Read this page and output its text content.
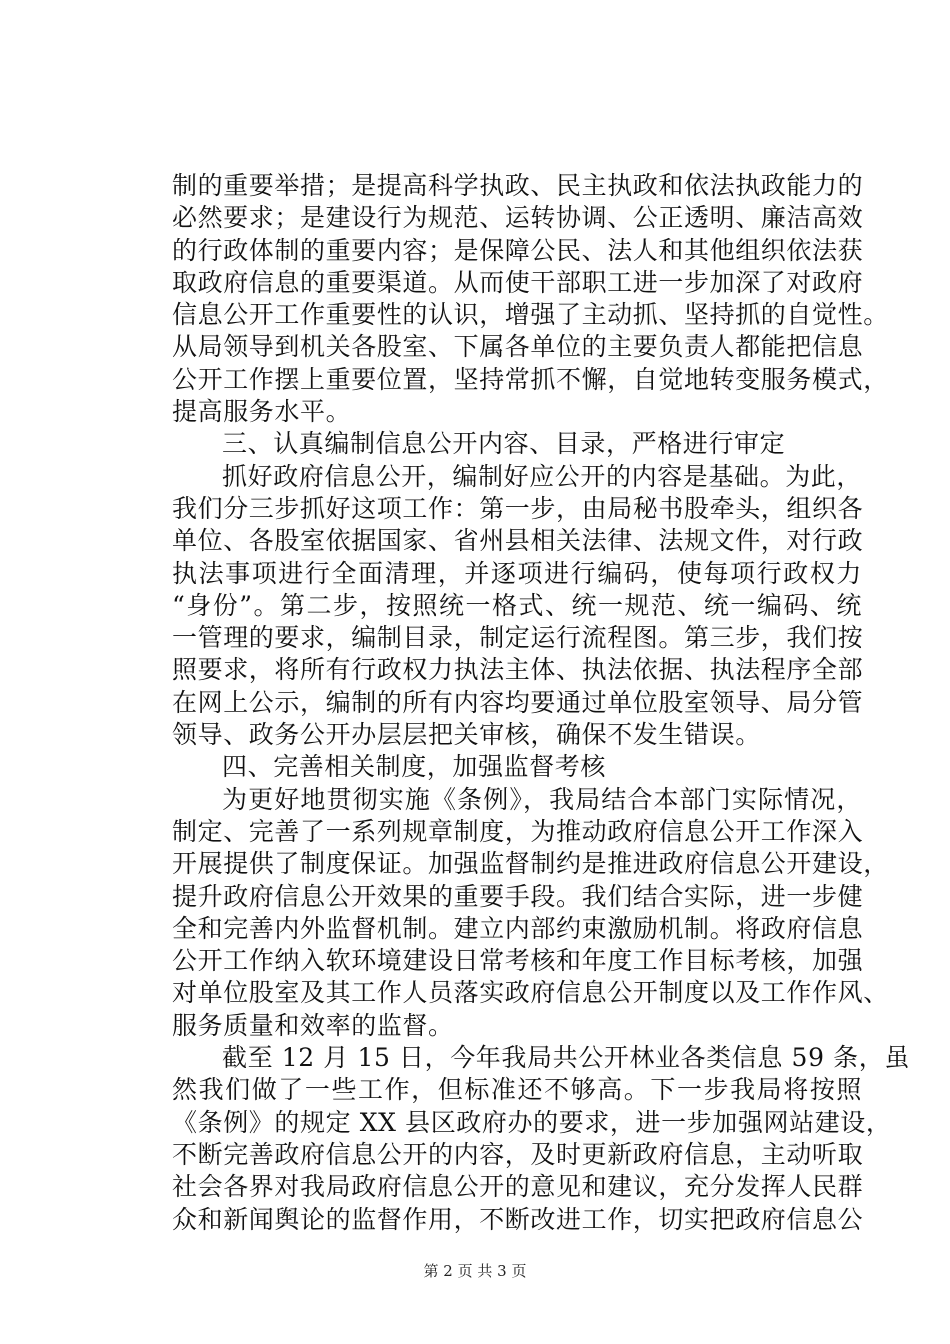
制的重要举措；是提高科学执政、民主执政和依法执政能力的
必然要求；是建设行为规范、运转协调、公正透明、廉洁高效
的行政体制的重要内容；是保障公民、法人和其他组织依法获
取政府信息的重要渠道。从而使干部职工进一步加深了对政府
信息公开工作重要性的认识，增强了主动抓、坚持抓的自觉性。
从局领导到机关各股室、下属各单位的主要负责人都能把信息
公开工作摆上重要位置，坚持常抓不懈，自觉地转变服务模式，
提高服务水平。
三、认真编制信息公开内容、目录，严格进行审定
抓好政府信息公开，编制好应公开的内容是基础。为此，
我们分三步抓好这项工作：第一步，由局秘书股牵头，组织各
单位、各股室依据国家、省州县相关法律、法规文件，对行政
执法事项进行全面清理，并逐项进行编码，使每项行政权力
“身份”。第二步，按照统一格式、统一规范、统一编码、统
一管理的要求，编制目录，制定运行流程图。第三步，我们按
照要求，将所有行政权力执法主体、执法依据、执法程序全部
在网上公示，编制的所有内容均要通过单位股室领导、局分管
领导、政务公开办层层把关审核，确保不发生错误。
四、完善相关制度，加强监督考核
为更好地贯彻实施《条例》，我局结合本部门实际情况，
制定、完善了一系列规章制度，为推动政府信息公开工作深入
开展提供了制度保证。加强监督制约是推进政府信息公开建设，
提升政府信息公开效果的重要手段。我们结合实际，进一步健
全和完善内外监督机制。建立内部约束激励机制。将政府信息
公开工作纳入软环境建设日常考核和年度工作目标考核，加强
对单位股室及其工作人员落实政府信息公开制度以及工作作风、
服务质量和效率的监督。
截至 12 月 15 日，今年我局共公开林业各类信息 59 条，虽
然我们做了一些工作，但标准还不够高。下一步我局将按照
《条例》的规定 XX 县区政府办的要求，进一步加强网站建设，
不断完善政府信息公开的内容，及时更新政府信息，主动听取
社会各界对我局政府信息公开的意见和建议，充分发挥人民群
众和新闻舆论的监督作用，不断改进工作，切实把政府信息公
第 2 页 共 3 页
